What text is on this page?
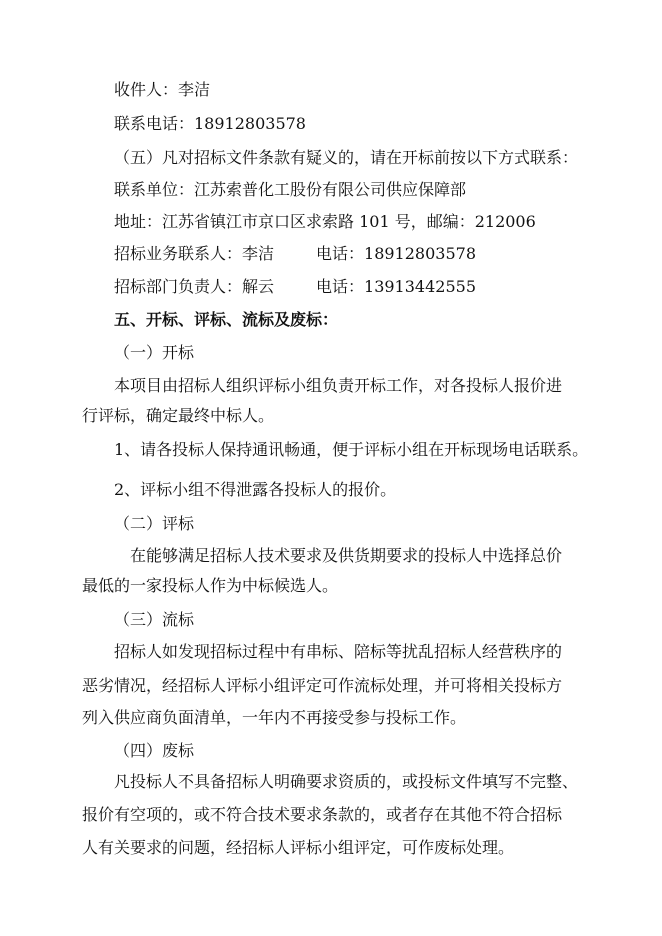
收件人：李洁
联系电话：18912803578
（五）凡对招标文件条款有疑义的，请在开标前按以下方式联系：
联系单位：江苏索普化工股份有限公司供应保障部
地址：江苏省镇江市京口区求索路 101 号，邮编：212006
招标业务联系人：李洁	电话：18912803578
招标部门负责人：解云	电话：13913442555
五、开标、评标、流标及废标：
（一）开标
本项目由招标人组织评标小组负责开标工作，对各投标人报价进
行评标，确定最终中标人。
1、请各投标人保持通讯畅通，便于评标小组在开标现场电话联系。
2、评标小组不得泄露各投标人的报价。
（二）评标
在能够满足招标人技术要求及供货期要求的投标人中选择总价
最低的一家投标人作为中标候选人。
（三）流标
招标人如发现招标过程中有串标、陪标等扰乱招标人经营秩序的
恶劣情况，经招标人评标小组评定可作流标处理，并可将相关投标方
列入供应商负面清单，一年内不再接受参与投标工作。
（四）废标
凡投标人不具备招标人明确要求资质的，或投标文件填写不完整、
报价有空项的，或不符合技术要求条款的，或者存在其他不符合招标
人有关要求的问题，经招标人评标小组评定，可作废标处理。
